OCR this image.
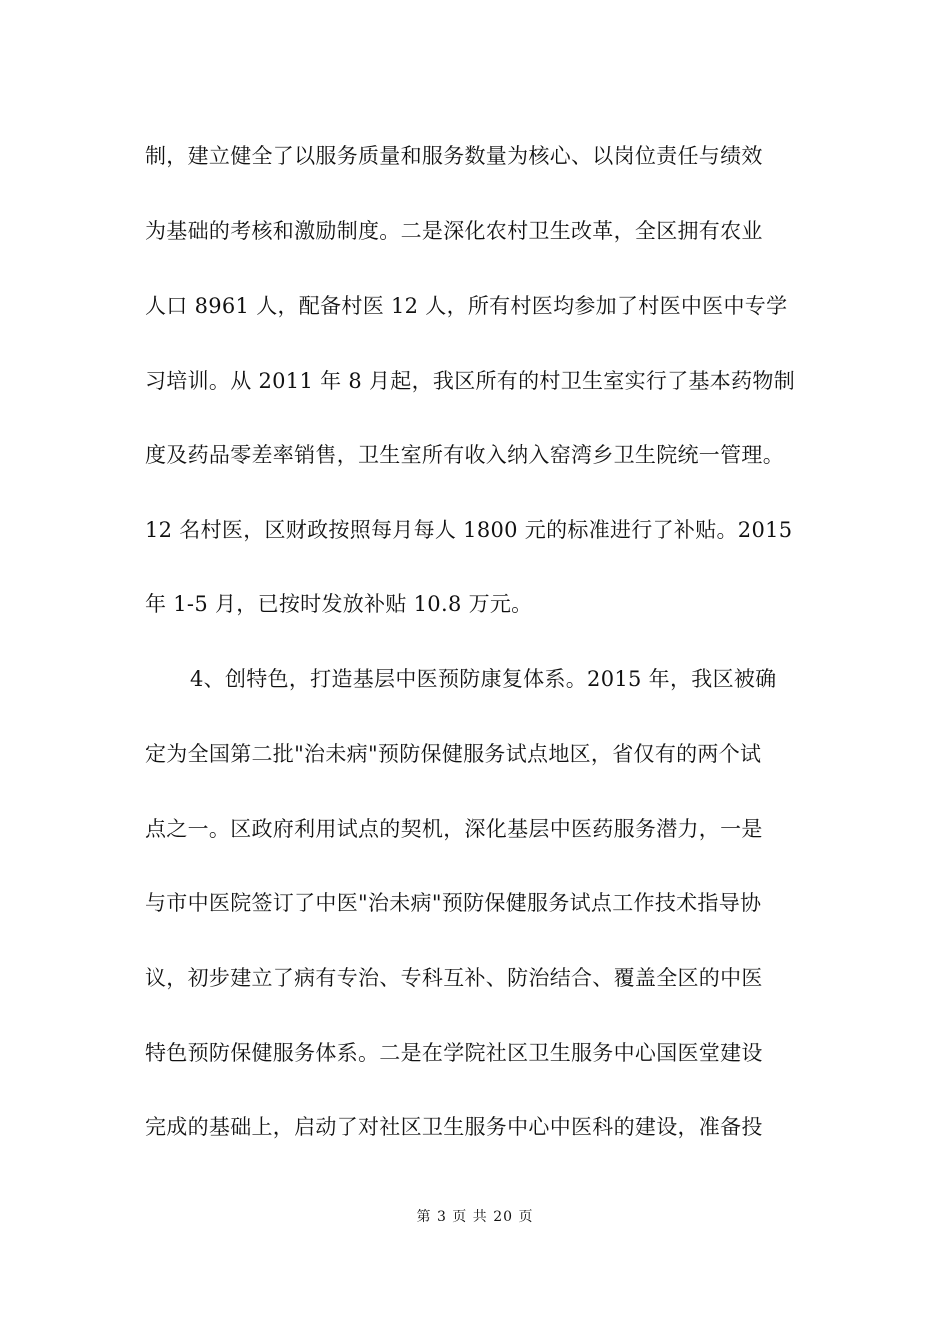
制，建立健全了以服务质量和服务数量为核心、以岗位责任与绩效
为基础的考核和激励制度。二是深化农村卫生改革，全区拥有农业
人口 8961 人，配备村医 12 人，所有村医均参加了村医中医中专学
习培训。从 2011 年 8 月起，我区所有的村卫生室实行了基本药物制
度及药品零差率销售，卫生室所有收入纳入窑湾乡卫生院统一管理。
12 名村医，区财政按照每月每人 1800 元的标准进行了补贴。2015
年 1-5 月，已按时发放补贴 10.8 万元。
4、创特色，打造基层中医预防康复体系。2015 年，我区被确
定为全国第二批"治未病"预防保健服务试点地区，省仅有的两个试
点之一。区政府利用试点的契机，深化基层中医药服务潜力，一是
与市中医院签订了中医"治未病"预防保健服务试点工作技术指导协
议，初步建立了病有专治、专科互补、防治结合、覆盖全区的中医
特色预防保健服务体系。二是在学院社区卫生服务中心国医堂建设
完成的基础上，启动了对社区卫生服务中心中医科的建设，准备投
第 3 页 共 20 页
